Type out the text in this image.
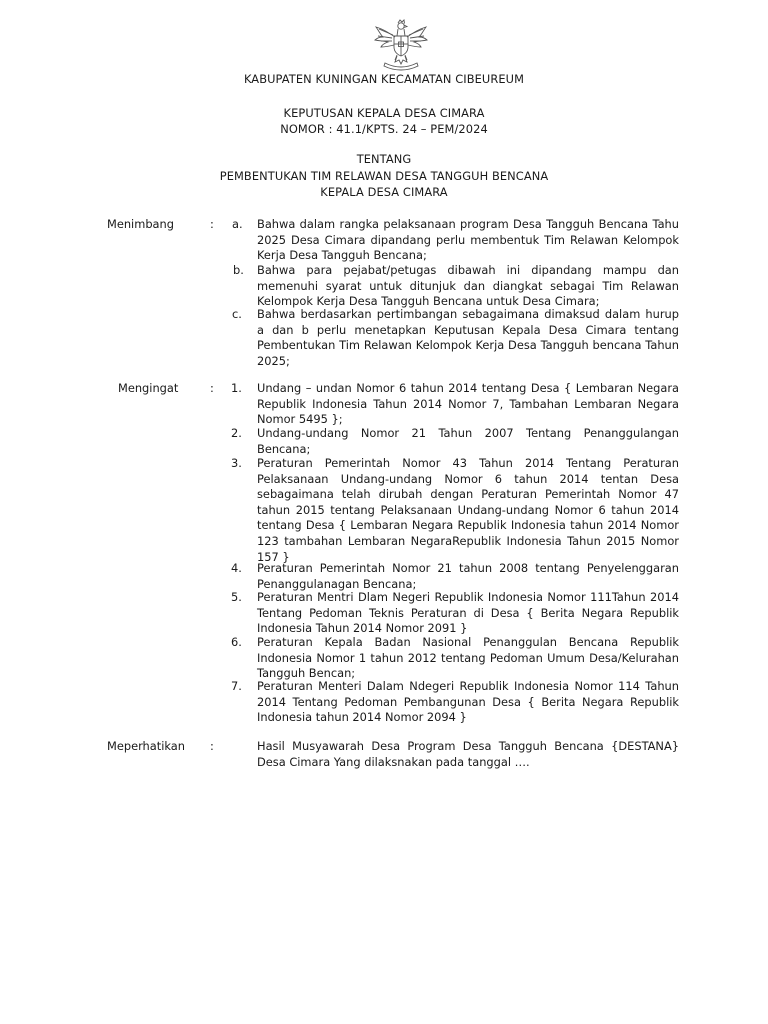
KABUPATEN KUNINGAN KECAMATAN CIBEUREUM
KEPUTUSAN KEPALA DESA CIMARA
NOMOR : 41.1/KPTS. 24 – PEM/2024
TENTANG
PEMBENTUKAN TIM RELAWAN DESA TANGGUH BENCANA
KEPALA DESA CIMARA
Menimbang	: a. Bahwa dalam rangka pelaksanaan program Desa Tangguh Bencana Tahu 2025 Desa Cimara dipandang perlu membentuk Tim Relawan Kelompok Kerja Desa Tangguh Bencana;
b. Bahwa para pejabat/petugas dibawah ini dipandang mampu dan memenuhi syarat untuk ditunjuk dan diangkat sebagai Tim Relawan Kelompok Kerja Desa Tangguh Bencana untuk Desa Cimara;
c. Bahwa berdasarkan pertimbangan sebagaimana dimaksud dalam hurup a dan b perlu menetapkan Keputusan Kepala Desa Cimara tentang Pembentukan Tim Relawan Kelompok Kerja Desa Tangguh bencana Tahun 2025;
Mengingat	: 1. Undang – undan Nomor 6 tahun 2014 tentang Desa { Lembaran Negara Republik Indonesia Tahun 2014 Nomor 7, Tambahan Lembaran Negara Nomor 5495 };
2. Undang-undang Nomor 21 Tahun 2007 Tentang Penanggulangan Bencana;
3. Peraturan Pemerintah Nomor 43 Tahun 2014 Tentang Peraturan Pelaksanaan Undang-undang Nomor 6 tahun 2014 tentan Desa sebagaimana telah dirubah dengan Peraturan Pemerintah Nomor 47 tahun 2015 tentang Pelaksanaan Undang-undang Nomor 6 tahun 2014 tentang Desa { Lembaran Negara Republik Indonesia tahun 2014 Nomor 123 tambahan Lembaran NegaraRepublik Indonesia Tahun 2015 Nomor 157 }
4. Peraturan Pemerintah Nomor 21 tahun 2008 tentang Penyelenggaran Penanggulanagan Bencana;
5. Peraturan Mentri Dlam Negeri Republik Indonesia Nomor 111Tahun 2014 Tentang Pedoman Teknis Peraturan di Desa { Berita Negara Republik Indonesia Tahun 2014 Nomor 2091 }
6. Peraturan Kepala Badan Nasional Penanggulan Bencana Republik Indonesia Nomor 1 tahun 2012 tentang Pedoman Umum Desa/Kelurahan Tangguh Bencan;
7. Peraturan Menteri Dalam Ndegeri Republik Indonesia Nomor 114 Tahun 2014 Tentang Pedoman Pembangunan Desa { Berita Negara Republik Indonesia tahun 2014 Nomor 2094 }
Meperhatikan :	Hasil Musyawarah Desa Program Desa Tangguh Bencana {DESTANA} Desa Cimara Yang dilaksnakan pada tanggal ….
